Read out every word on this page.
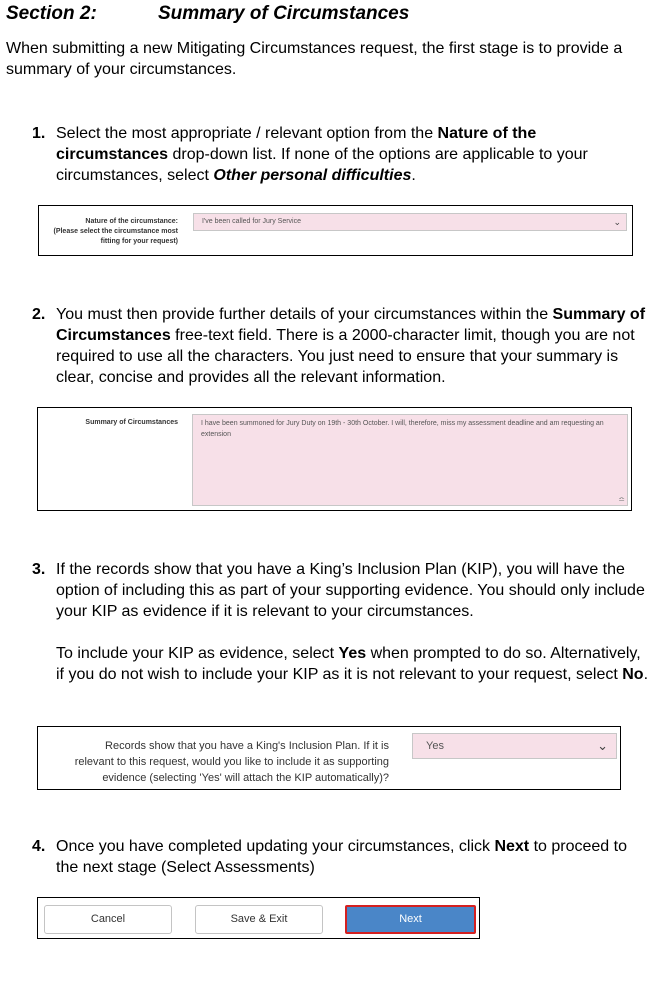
Section 2:	Summary of Circumstances
When submitting a new Mitigating Circumstances request, the first stage is to provide a summary of your circumstances.
1. Select the most appropriate / relevant option from the Nature of the circumstances drop-down list. If none of the options are applicable to your circumstances, select Other personal difficulties.
Nature of the circumstance:
(Please select the circumstance most
fitting for your request)
I've been called for Jury Service	⌄
2. You must then provide further details of your circumstances within the Summary of Circumstances free-text field. There is a 2000-character limit, though you are not required to use all the characters. You just need to ensure that your summary is clear, concise and provides all the relevant information.
Summary of Circumstances	I have been summoned for Jury Duty on 19th - 30th October. I will, therefore, miss my assessment deadline and am requesting an extension
≏
3. If the records show that you have a King’s Inclusion Plan (KIP), you will have the option of including this as part of your supporting evidence. You should only include your KIP as evidence if it is relevant to your circumstances.
To include your KIP as evidence, select Yes when prompted to do so. Alternatively, if you do not wish to include your KIP as it is not relevant to your request, select No.
Records show that you have a King's Inclusion Plan. If it is
relevant to this request, would you like to include it as supporting
evidence (selecting 'Yes' will attach the KIP automatically)?
Yes	⌄
4. Once you have completed updating your circumstances, click Next to proceed to the next stage (Select Assessments)
Cancel	Save & Exit	Next
